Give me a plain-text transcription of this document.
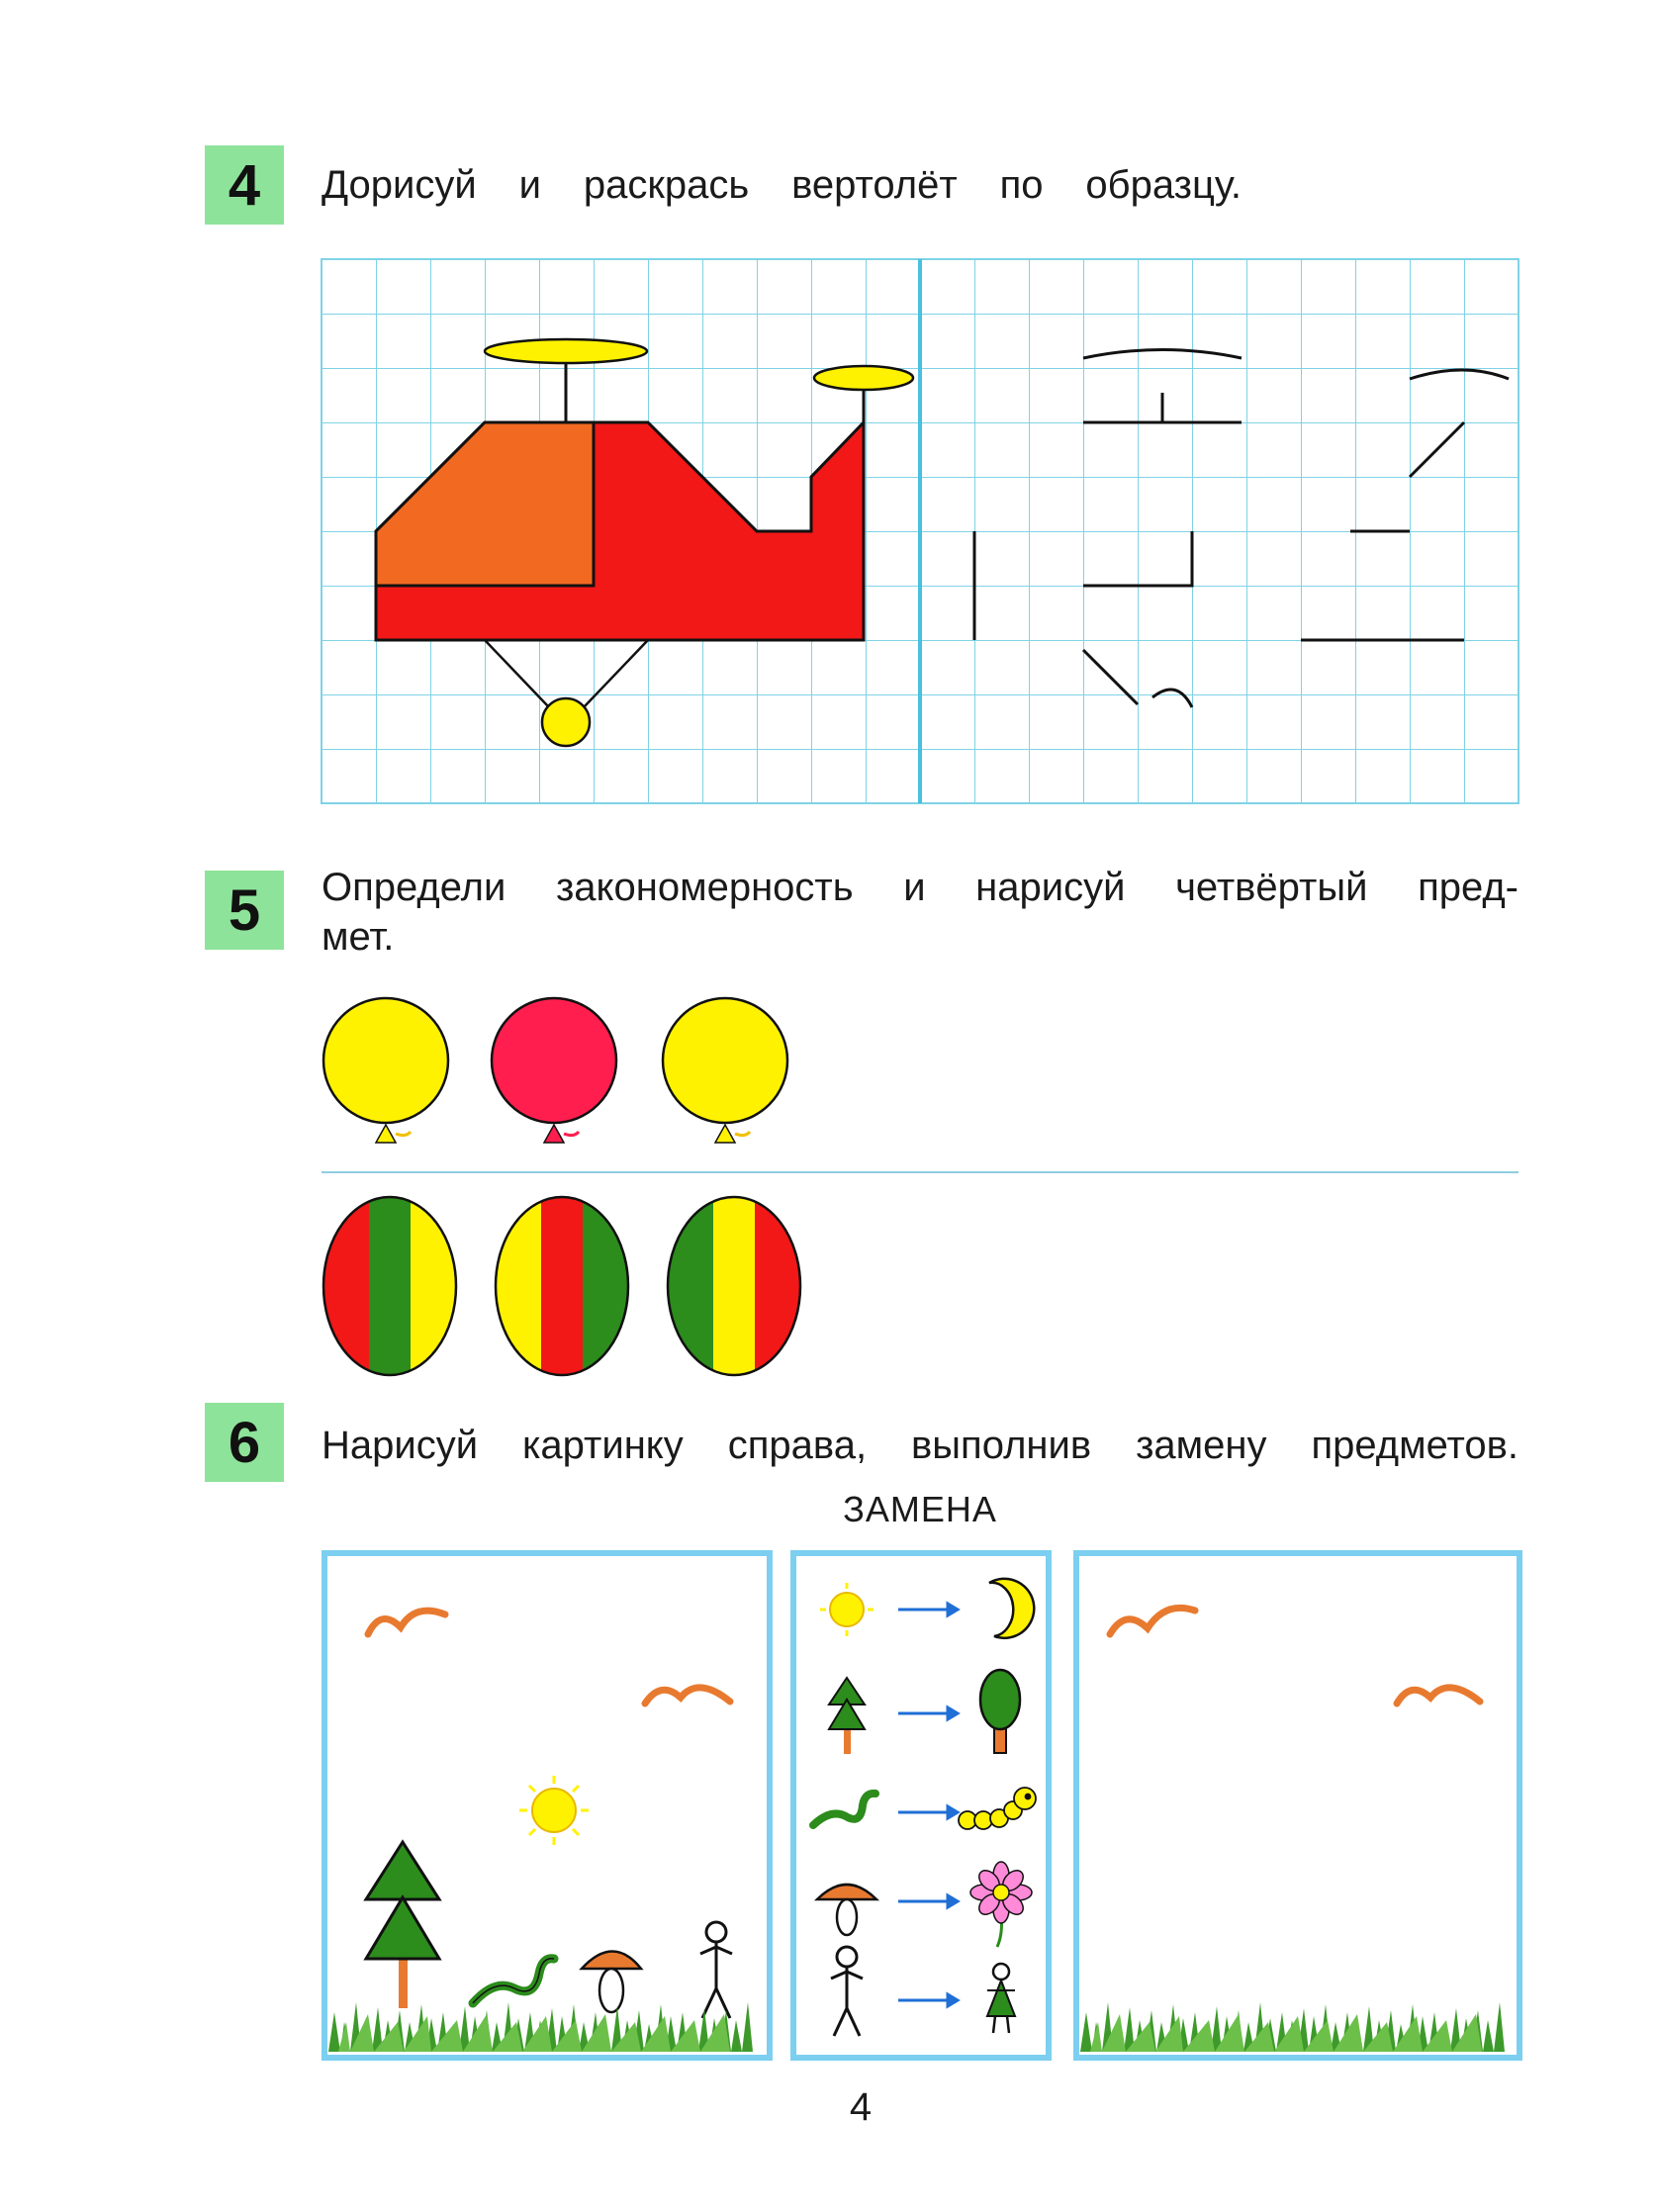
4
5
6
Дорисуй и раскрась вертолёт по образцу.
Определи закономерность и нарисуй четвёртый пред-
мет.
Нарисуй картинку справа, выполнив замену предметов.
ЗАМЕНА
4
